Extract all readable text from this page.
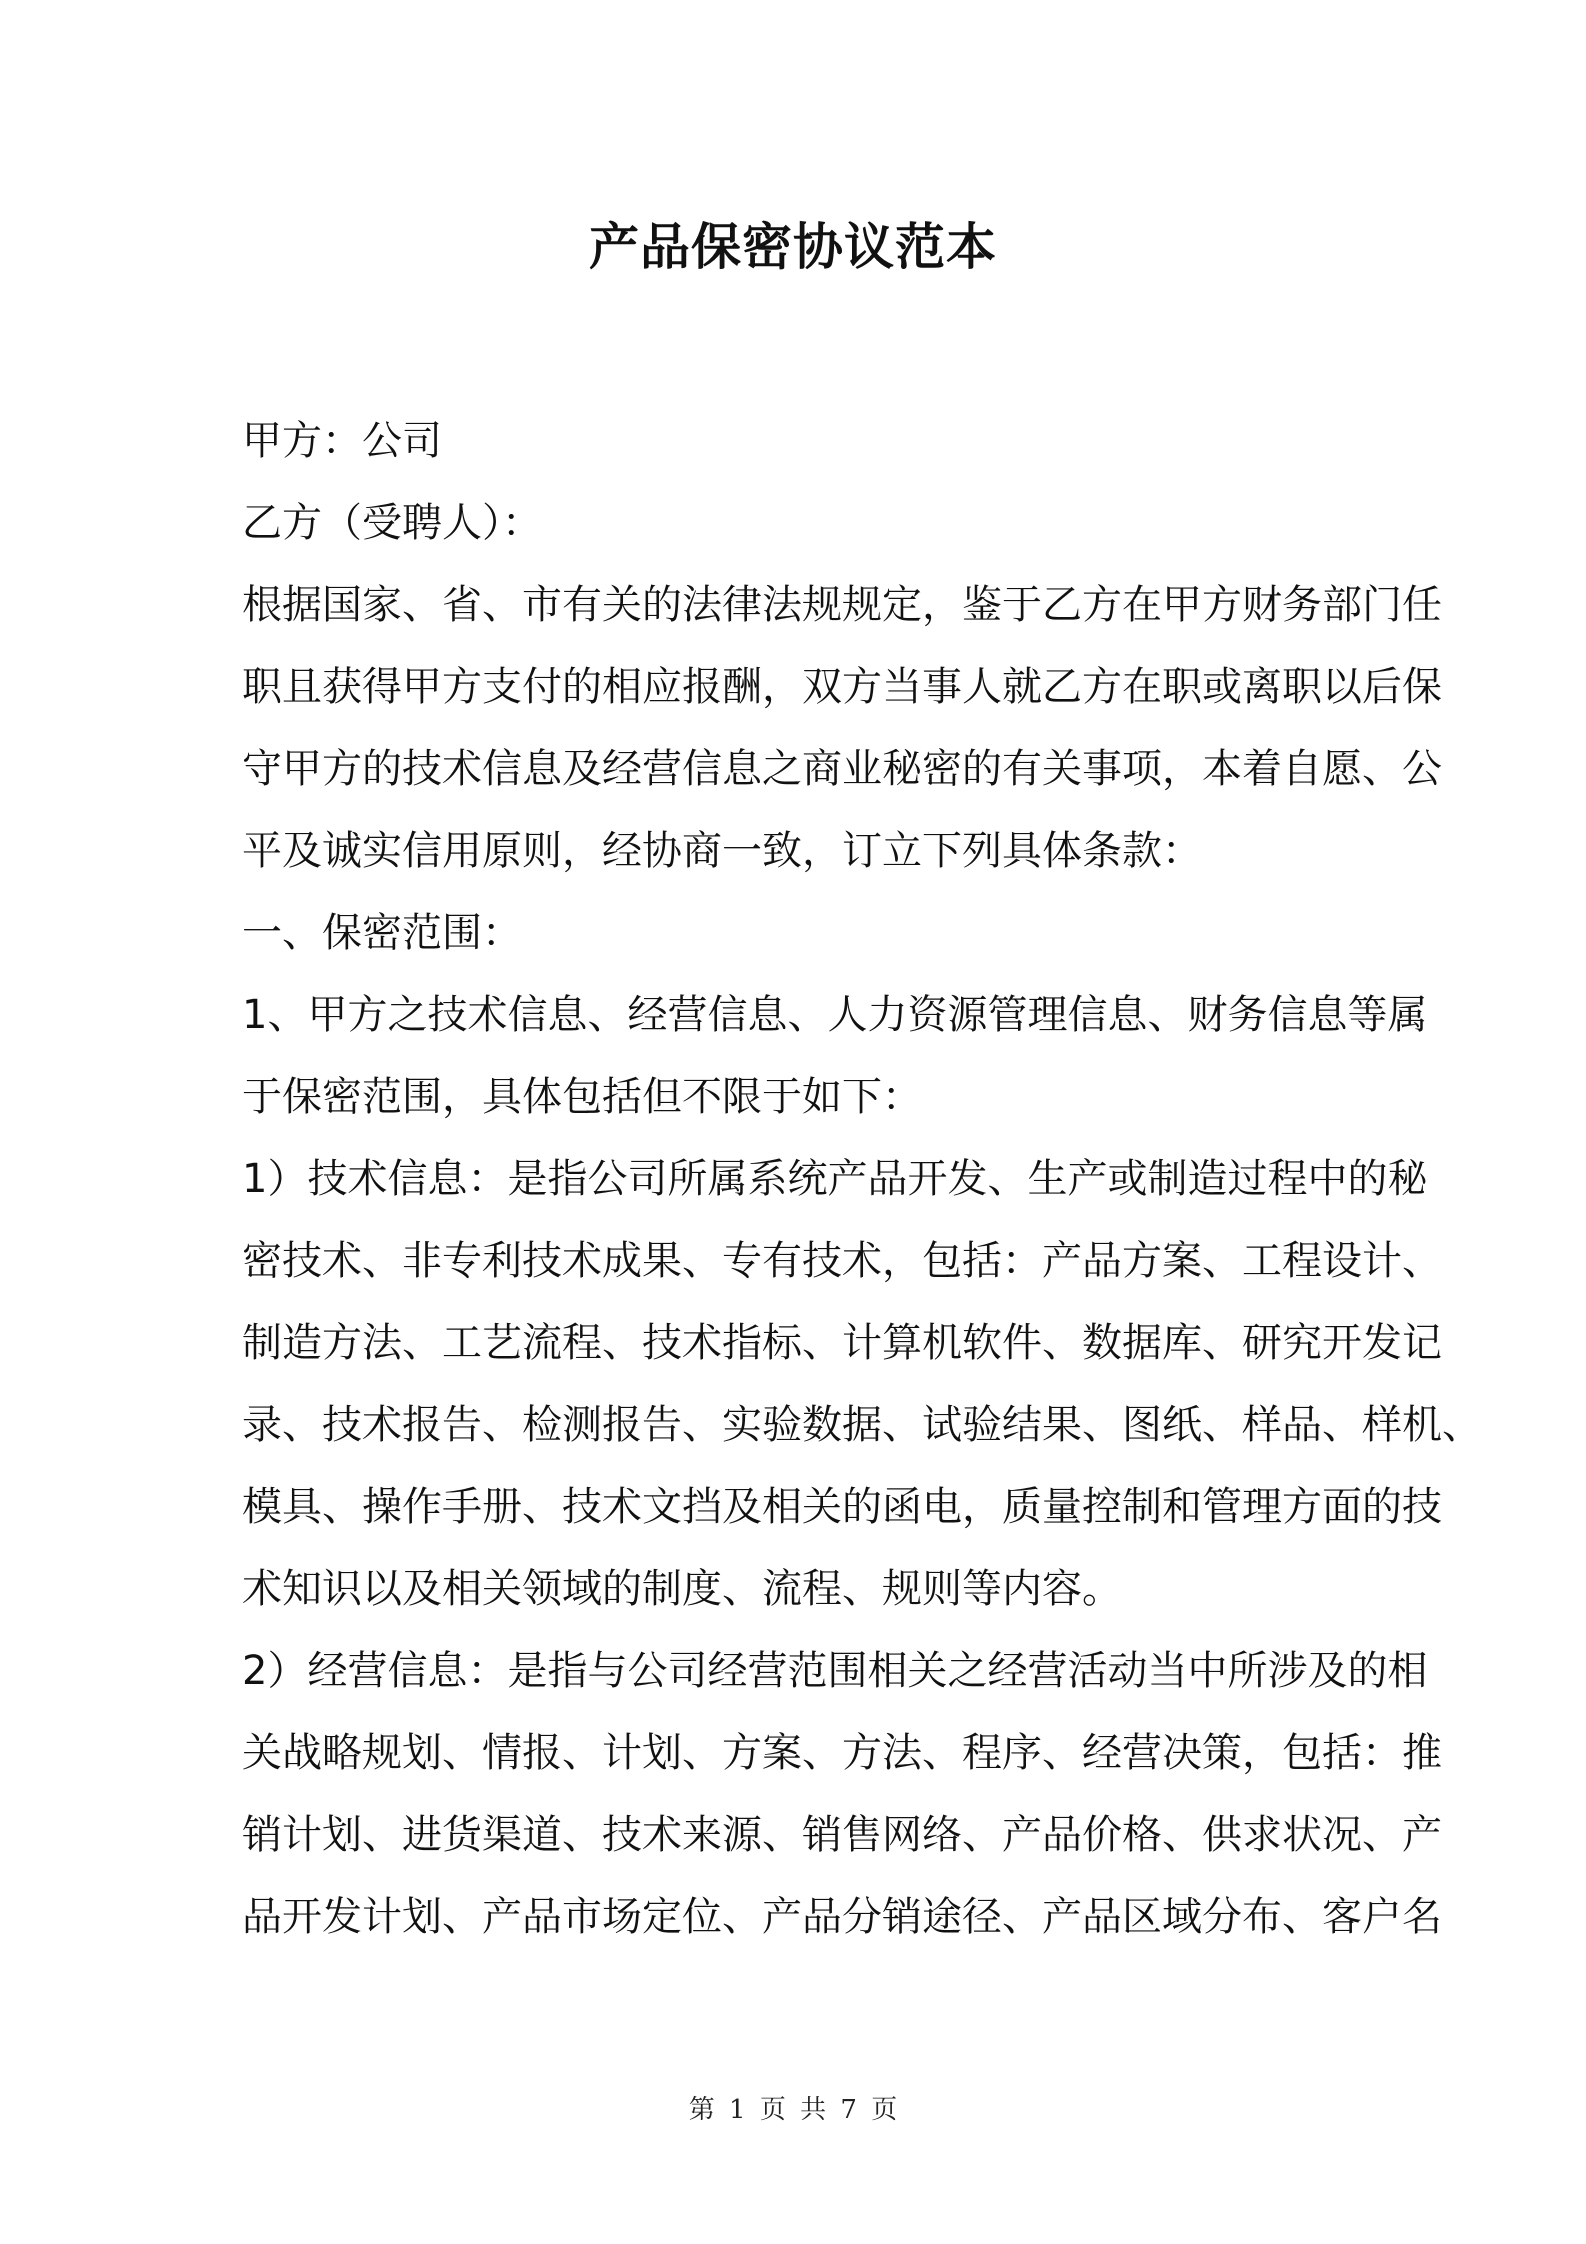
产品保密协议范本
甲方：公司
乙方（受聘人）：
根据国家、省、市有关的法律法规规定，鉴于乙方在甲方财务部门任
职且获得甲方支付的相应报酬，双方当事人就乙方在职或离职以后保
守甲方的技术信息及经营信息之商业秘密的有关事项，本着自愿、公
平及诚实信用原则，经协商一致，订立下列具体条款：
一、保密范围：
1、甲方之技术信息、经营信息、人力资源管理信息、财务信息等属
于保密范围，具体包括但不限于如下：
1）技术信息：是指公司所属系统产品开发、生产或制造过程中的秘
密技术、非专利技术成果、专有技术，包括：产品方案、工程设计、
制造方法、工艺流程、技术指标、计算机软件、数据库、研究开发记
录、技术报告、检测报告、实验数据、试验结果、图纸、样品、样机、
模具、操作手册、技术文挡及相关的函电，质量控制和管理方面的技
术知识以及相关领域的制度、流程、规则等内容。
2）经营信息：是指与公司经营范围相关之经营活动当中所涉及的相
关战略规划、情报、计划、方案、方法、程序、经营决策，包括：推
销计划、进货渠道、技术来源、销售网络、产品价格、供求状况、产
品开发计划、产品市场定位、产品分销途径、产品区域分布、客户名
第 1 页 共 7 页
